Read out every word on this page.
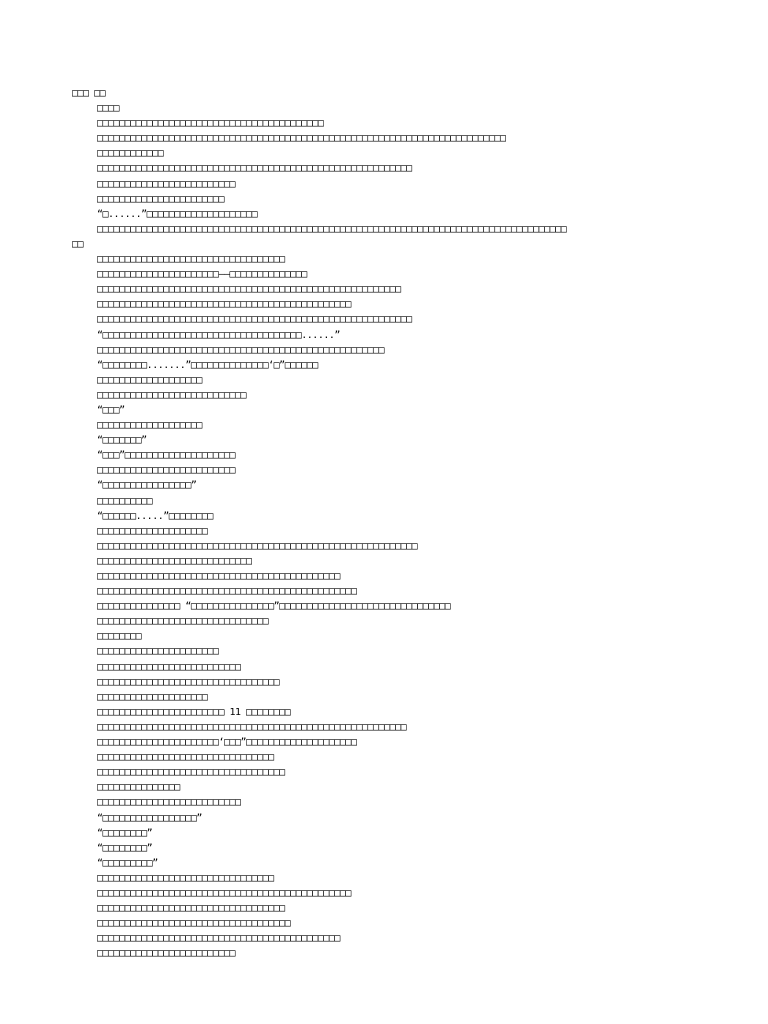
□□□ □□
□□□□
□□□□□□□□□□□□□□□□□□□□□□□□□□□□□□□□□□□□□□□□□
□□□□□□□□□□□□□□□□□□□□□□□□□□□□□□□□□□□□□□□□□□□□□□□□□□□□□□□□□□□□□□□□□□□□□□□□□□
□□□□□□□□□□□□
□□□□□□□□□□□□□□□□□□□□□□□□□□□□□□□□□□□□□□□□□□□□□□□□□□□□□□□□□
□□□□□□□□□□□□□□□□□□□□□□□□□
□□□□□□□□□□□□□□□□□□□□□□□
“□......”□□□□□□□□□□□□□□□□□□□□
□□□□□□□□□□□□□□□□□□□□□□□□□□□□□□□□□□□□□□□□□□□□□□□□□□□□□□□□□□□□□□□□□□□□□□□□□□□□□□□□□□□□□
□□
□□□□□□□□□□□□□□□□□□□□□□□□□□□□□□□□□□
□□□□□□□□□□□□□□□□□□□□□□——□□□□□□□□□□□□□□
□□□□□□□□□□□□□□□□□□□□□□□□□□□□□□□□□□□□□□□□□□□□□□□□□□□□□□□
□□□□□□□□□□□□□□□□□□□□□□□□□□□□□□□□□□□□□□□□□□□□□□
□□□□□□□□□□□□□□□□□□□□□□□□□□□□□□□□□□□□□□□□□□□□□□□□□□□□□□□□□
“□□□□□□□□□□□□□□□□□□□□□□□□□□□□□□□□□□□□......”
□□□□□□□□□□□□□□□□□□□□□□□□□□□□□□□□□□□□□□□□□□□□□□□□□□□□
“□□□□□□□□.......”□□□□□□□□□□□□□□‘□”□□□□□□
□□□□□□□□□□□□□□□□□□□
□□□□□□□□□□□□□□□□□□□□□□□□□□□
“□□□”
□□□□□□□□□□□□□□□□□□□
“□□□□□□□”
“□□□”□□□□□□□□□□□□□□□□□□□□
□□□□□□□□□□□□□□□□□□□□□□□□□
“□□□□□□□□□□□□□□□□”
□□□□□□□□□□
“□□□□□□.....”□□□□□□□□
□□□□□□□□□□□□□□□□□□□□
□□□□□□□□□□□□□□□□□□□□□□□□□□□□□□□□□□□□□□□□□□□□□□□□□□□□□□□□□□
□□□□□□□□□□□□□□□□□□□□□□□□□□□□
□□□□□□□□□□□□□□□□□□□□□□□□□□□□□□□□□□□□□□□□□□□□
□□□□□□□□□□□□□□□□□□□□□□□□□□□□□□□□□□□□□□□□□□□□□□□
□□□□□□□□□□□□□□□ “□□□□□□□□□□□□□□□”□□□□□□□□□□□□□□□□□□□□□□□□□□□□□□□
□□□□□□□□□□□□□□□□□□□□□□□□□□□□□□□
□□□□□□□□
□□□□□□□□□□□□□□□□□□□□□□
□□□□□□□□□□□□□□□□□□□□□□□□□□
□□□□□□□□□□□□□□□□□□□□□□□□□□□□□□□□□
□□□□□□□□□□□□□□□□□□□□
□□□□□□□□□□□□□□□□□□□□□□□ 11 □□□□□□□□
□□□□□□□□□□□□□□□□□□□□□□□□□□□□□□□□□□□□□□□□□□□□□□□□□□□□□□□□
□□□□□□□□□□□□□□□□□□□□□□‘□□□”□□□□□□□□□□□□□□□□□□□□
□□□□□□□□□□□□□□□□□□□□□□□□□□□□□□□□
□□□□□□□□□□□□□□□□□□□□□□□□□□□□□□□□□□
□□□□□□□□□□□□□□□
□□□□□□□□□□□□□□□□□□□□□□□□□□
“□□□□□□□□□□□□□□□□□”
“□□□□□□□□”
“□□□□□□□□”
“□□□□□□□□□”
□□□□□□□□□□□□□□□□□□□□□□□□□□□□□□□□
□□□□□□□□□□□□□□□□□□□□□□□□□□□□□□□□□□□□□□□□□□□□□□
□□□□□□□□□□□□□□□□□□□□□□□□□□□□□□□□□□
□□□□□□□□□□□□□□□□□□□□□□□□□□□□□□□□□□□
□□□□□□□□□□□□□□□□□□□□□□□□□□□□□□□□□□□□□□□□□□□□
□□□□□□□□□□□□□□□□□□□□□□□□□
